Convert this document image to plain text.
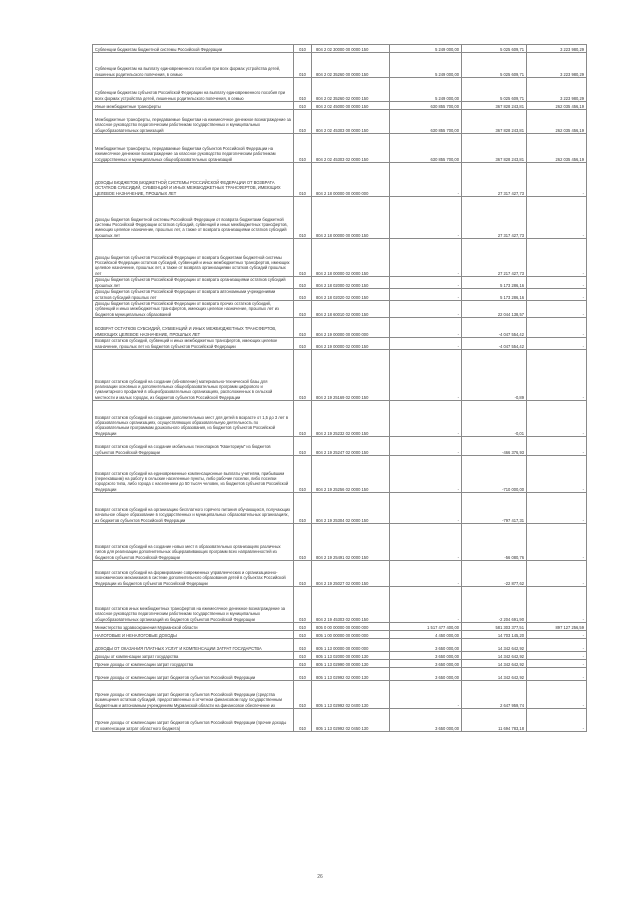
Субвенции бюджетам бюджетной системы Российской Федерации	010	804 2 02 30000 00 0000 150	5 249 000,00	5 025 609,71	3 223 980,29
Субвенции бюджетам на выплату единовременного пособия при всех формах устройства детей, лишенных родительского попечения, в семью	010	804 2 02 35260 00 0000 150	5 249 000,00	5 025 609,71	3 223 980,29
Субвенции бюджетам субъектов Российской Федерации на выплату единовременного пособия при всех формах устройства детей, лишенных родительского попечения, в семью	010	804 2 02 35260 02 0000 150	5 249 000,00	5 025 609,71	3 223 980,29
Иные межбюджетные трансферты	010	804 2 02 45000 00 0000 150	630 855 700,00	367 828 243,81	262 035 456,19
Межбюджетные трансферты, передаваемые бюджетам на ежемесячное денежное вознаграждение за классное руководство педагогическим работникам государственных и муниципальных общеобразовательных организаций	010	804 2 02 45303 00 0000 150	630 855 700,00	367 828 243,81	262 035 456,19
Межбюджетные трансферты, передаваемые бюджетам субъектов Российской Федерации на ежемесячное денежное вознаграждение за классное руководство педагогическим работникам государственных и муниципальных общеобразовательных организаций	010	804 2 02 45303 02 0000 150	630 855 700,00	367 828 243,81	262 035 456,19
ДОХОДЫ БЮДЖЕТОВ БЮДЖЕТНОЙ СИСТЕМЫ РОССИЙСКОЙ ФЕДЕРАЦИИ ОТ ВОЗВРАТА ОСТАТКОВ СУБСИДИЙ, СУБВЕНЦИЙ И ИНЫХ МЕЖБЮДЖЕТНЫХ ТРАНСФЕРТОВ, ИМЕЮЩИХ ЦЕЛЕВОЕ НАЗНАЧЕНИЕ, ПРОШЛЫХ ЛЕТ	010	804 2 18 00000 00 0000 000	-	27 317 427,73	-
Доходы бюджетов бюджетной системы Российской Федерации от возврата бюджетами бюджетной системы Российской Федерации остатков субсидий, субвенций и иных межбюджетных трансфертов, имеющих целевое назначение, прошлых лет, а также от возврата организациями остатков субсидий прошлых лет	010	804 2 18 00000 00 0000 150	-	27 317 427,73	-
Доходы бюджетов субъектов Российской Федерации от возврата бюджетами бюджетной системы Российской Федерации остатков субсидий, субвенций и иных межбюджетных трансфертов, имеющих целевое назначение, прошлых лет, а также от возврата организациями остатков субсидий прошлых лет	010	804 2 18 00000 02 0000 150	-	27 217 427,73	-
Доходы бюджетов субъектов Российской Федерации от возврата организациями остатков субсидий прошлых лет	010	804 2 18 02000 02 0000 150	-	5 173 286,16	-
Доходы бюджетов субъектов Российской Федерации от возврата автономными учреждениями остатков субсидий прошлых лет	010	804 2 18 02020 02 0000 150	-	5 173 286,16	-
Доходы бюджетов субъектов Российской Федерации от возврата прочих остатков субсидий, субвенций и иных межбюджетных трансфертов, имеющих целевое назначение, прошлых лет из бюджетов муниципальных образований	010	804 2 18 60010 02 0000 150	-	22 044 138,57	-
ВОЗВРАТ ОСТАТКОВ СУБСИДИЙ, СУБВЕНЦИЙ И ИНЫХ МЕЖБЮДЖЕТНЫХ ТРАНСФЕРТОВ, ИМЕЮЩИХ ЦЕЛЕВОЕ НАЗНАЧЕНИЕ, ПРОШЛЫХ ЛЕТ	010	804 2 19 00000 00 0000 000	-	-4 047 554,42	-
Возврат остатков субсидий, субвенций и иных межбюджетных трансфертов, имеющих целевое назначение, прошлых лет из бюджетов субъектов Российской Федерации	010	804 2 19 00000 02 0000 150	-	-4 047 554,42	-
Возврат остатков субсидий на создание (обновление) материально-технической базы для реализации основных и дополнительных общеобразовательных программ цифрового и гуманитарного профилей в общеобразовательных организациях, расположенных в сельской местности и малых городах, из бюджетов субъектов Российской Федерации	010	804 2 19 25169 02 0000 150	-	-0,89	-
Возврат остатков субсидий на создание дополнительных мест для детей в возрасте от 1,5 до 3 лет в образовательных организациях, осуществляющих образовательную деятельность по образовательным программам дошкольного образования, из бюджетов субъектов Российской Федерации	010	804 2 19 25232 02 0000 150	-	-0,01	-
Возврат остатков субсидий на создание мобильных технопарков "Кванториум" из бюджетов субъектов Российской Федерации	010	804 2 19 25247 02 0000 150	-	-466 376,93	-
Возврат остатков субсидий на единовременные компенсационные выплаты учителям, прибывшим (переехавшим) на работу в сельские населенные пункты, либо рабочие поселки, либо поселки городского типа, либо города с населением до 50 тысяч человек, из бюджетов субъектов Российской Федерации	010	804 2 19 25256 02 0000 150	-	-710 000,00	-
Возврат остатков субсидий на организацию бесплатного горячего питания обучающихся, получающих начальное общее образование в государственных и муниципальных образовательных организациях, из бюджетов субъектов Российской Федерации	010	804 2 19 25304 02 0000 150	-	-797 417,31	-
Возврат остатков субсидий на создание новых мест в образовательных организациях различных типов для реализации дополнительных общеразвивающих программ всех направленностей из бюджетов субъектов Российской Федерации	010	804 2 19 25491 02 0000 150	-	-56 080,76	-
Возврат остатков субсидий на формирование современных управленческих и организационно-экономических механизмов в системе дополнительного образования детей в субъектах Российской Федерации из бюджетов субъектов Российской Федерации	010	804 2 19 25027 02 0000 150	-	-22 877,62	-
Возврат остатков иных межбюджетных трансфертов на ежемесячное денежное вознаграждение за классное руководство педагогическим работникам государственных и муниципальных общеобразовательных организаций из бюджетов субъектов Российской Федерации	010	804 2 19 45303 02 0000 150	-	-2 204 691,90	-
Министерство здравоохранения Мурманской области	010	805 0 00 00000 00 0000 000	1 517 477 400,00	581 303 377,51	897 127 256,59
НАЛОГОВЫЕ И НЕНАЛОГОВЫЕ ДОХОДЫ	010	805 1 00 00000 00 0000 000	4 450 000,00	14 703 145,20	-
ДОХОДЫ ОТ ОКАЗАНИЯ ПЛАТНЫХ УСЛУГ И КОМПЕНСАЦИИ ЗАТРАТ ГОСУДАРСТВА	010	805 1 13 00000 00 0000 000	3 650 000,00	14 342 642,92	-
Доходы от компенсации затрат государства	010	805 1 13 02000 00 0000 130	3 650 000,00	14 342 642,92	-
Прочие доходы от компенсации затрат государства	010	805 1 13 02990 00 0000 130	3 650 000,00	14 342 642,92	-
Прочие доходы от компенсации затрат бюджетов субъектов Российской Федерации	010	805 1 13 02992 02 0000 130	3 650 000,00	14 342 642,92	-
Прочие доходы от компенсации затрат бюджетов субъектов Российской Федерации (средства возмещения остатков субсидий, предоставленных в отчетном финансовом году государственным бюджетным и автономным учреждениям Мурманской области на финансовое обеспечение их	010	805 1 13 02992 02 0400 130	-	2 647 959,74	-
Прочие доходы от компенсации затрат бюджетов субъектов Российской Федерации (прочие доходы от компенсации затрат областного бюджета)	010	805 1 13 02992 02 0450 130	3 650 000,00	11 694 783,18	-
26
